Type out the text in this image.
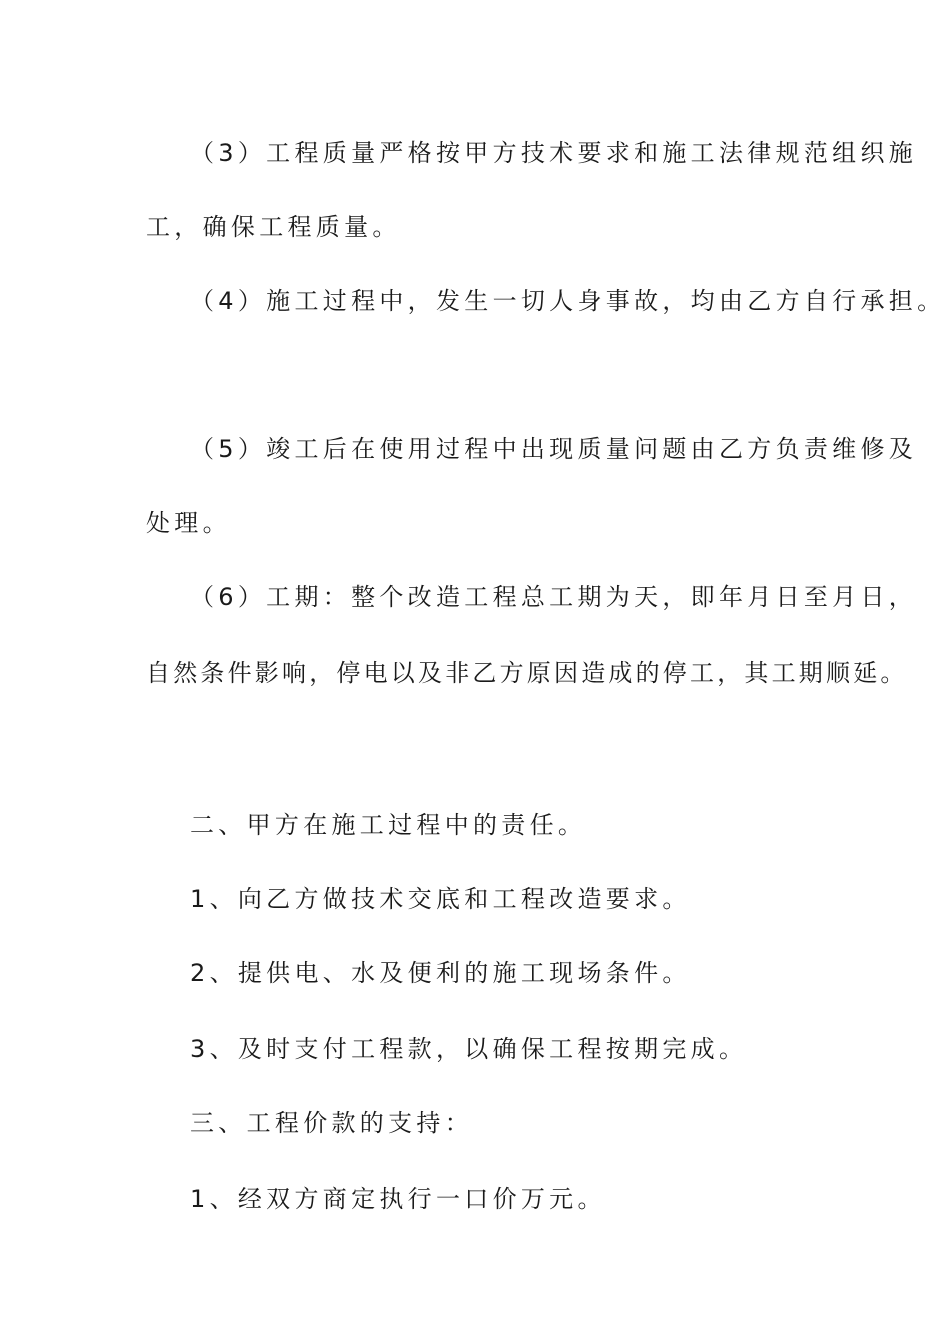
（3）工程质量严格按甲方技术要求和施工法律规范组织施
工，确保工程质量。
（4）施工过程中，发生一切人身事故，均由乙方自行承担。
（5）竣工后在使用过程中出现质量问题由乙方负责维修及
处理。
（6）工期：整个改造工程总工期为天，即年月日至月日，
自然条件影响，停电以及非乙方原因造成的停工，其工期顺延。
二、甲方在施工过程中的责任。
1、向乙方做技术交底和工程改造要求。
2、提供电、水及便利的施工现场条件。
3、及时支付工程款，以确保工程按期完成。
三、工程价款的支持：
1、经双方商定执行一口价万元。
